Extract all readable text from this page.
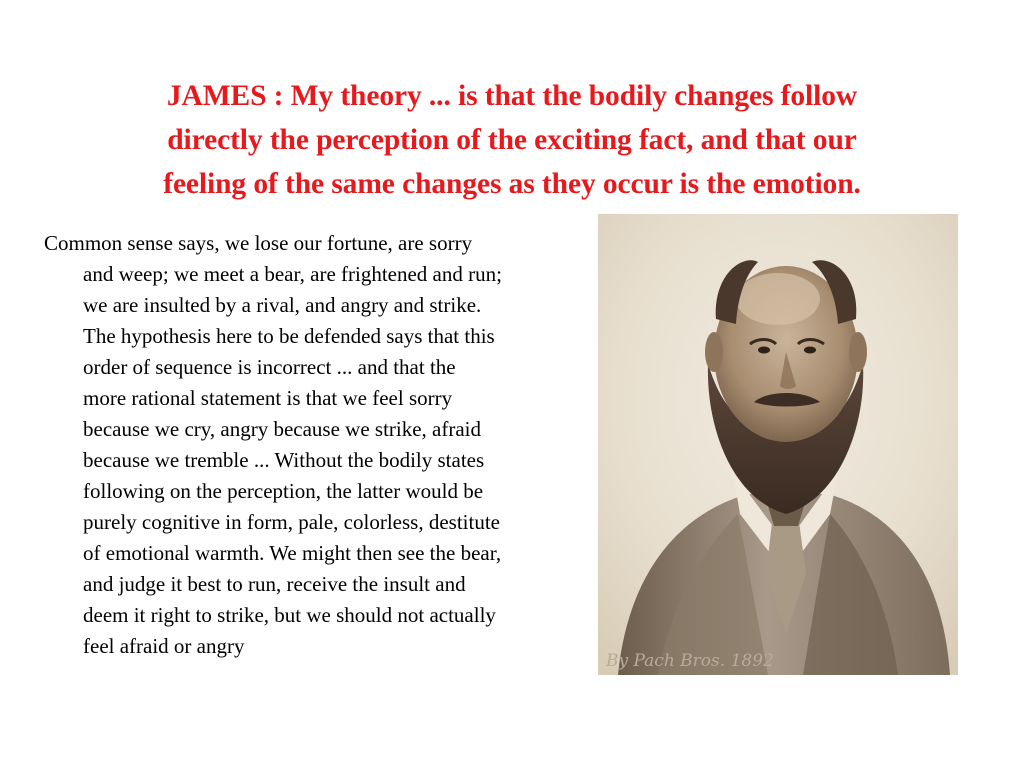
JAMES : My theory ... is that the bodily changes follow
directly the perception of the exciting fact, and that our
feeling of the same changes as they occur is the emotion.
Common sense says, we lose our fortune, are sorry
and weep; we meet a bear, are frightened and run;
we are insulted by a rival, and angry and strike.
The hypothesis here to be defended says that this
order of sequence is incorrect ... and that the
more rational statement is that we feel sorry
because we cry, angry because we strike, afraid
because we tremble ... Without the bodily states
following on the perception, the latter would be
purely cognitive in form, pale, colorless, destitute
of emotional warmth. We might then see the bear,
and judge it best to run, receive the insult and
deem it right to strike, but we should not actually
feel afraid or angry
By Pach Bros. 1892
